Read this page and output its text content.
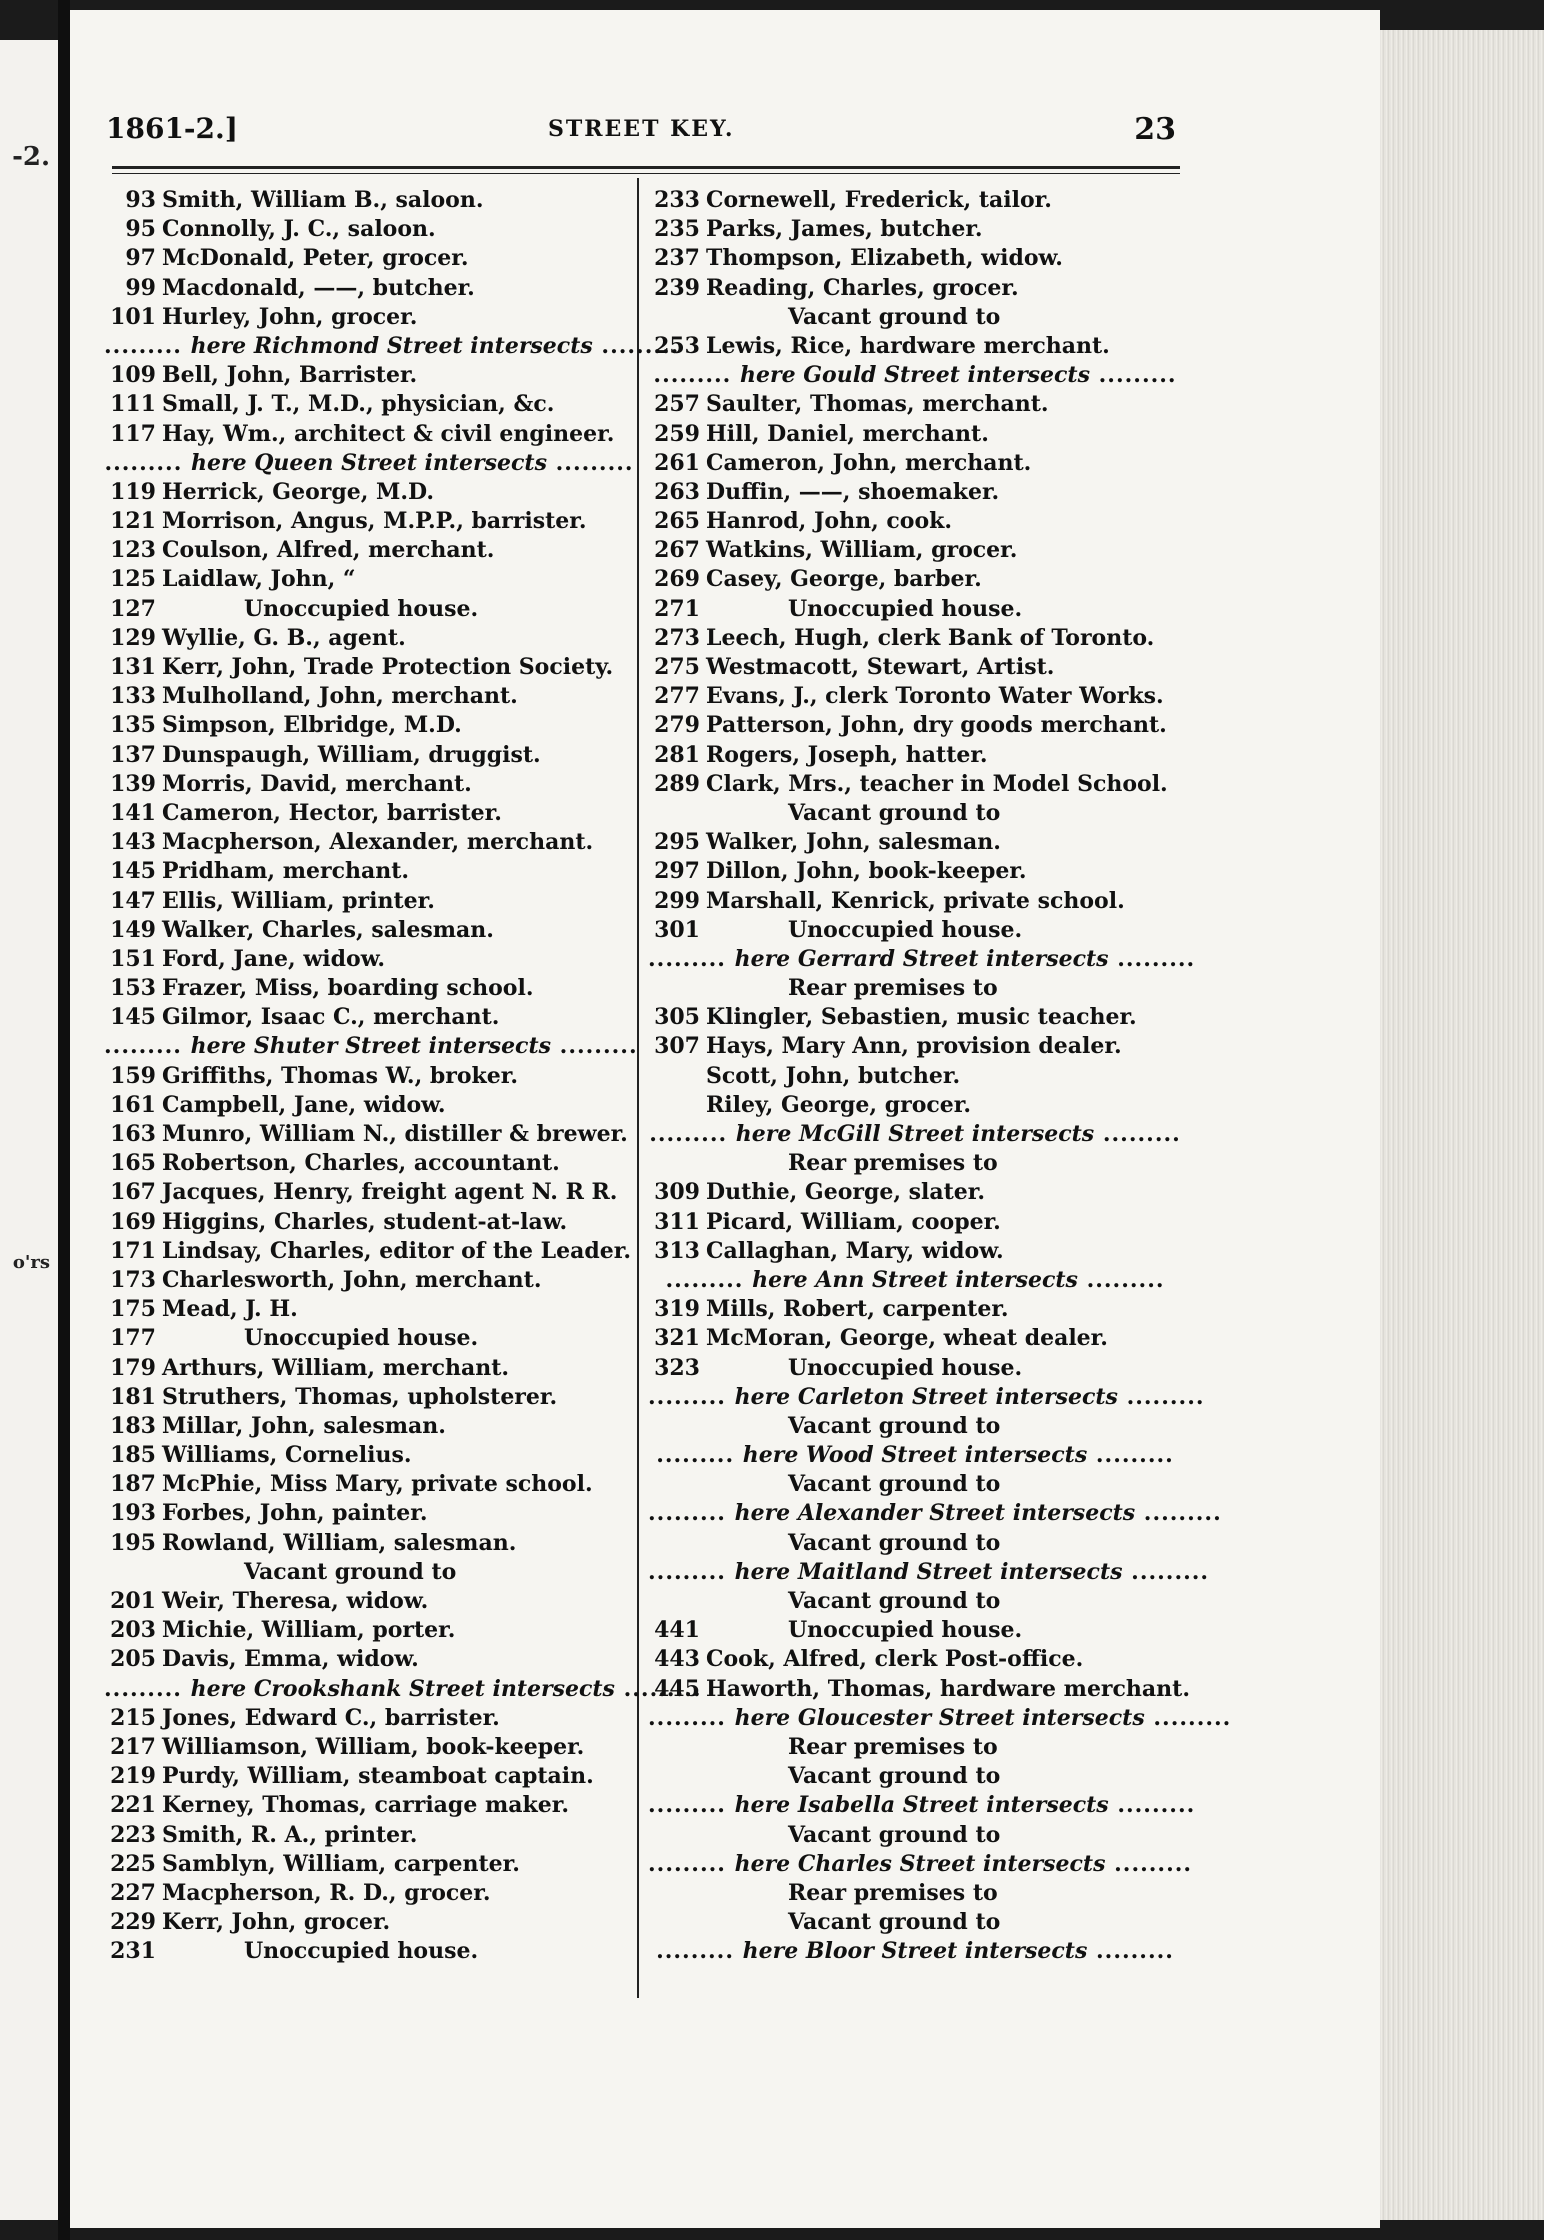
-2.
o'rs
1861-2.]	STREET KEY.	23
93 Smith, William B., saloon.
95 Connolly, J. C., saloon.
97 McDonald, Peter, grocer.
99 Macdonald, ——, butcher.
101 Hurley, John, grocer.
..... here Richmond Street intersects .....
109 Bell, John, Barrister.
111 Small, J. T., M.D., physician, &c.
117 Hay, Wm., architect & civil engineer.
..... here Queen Street intersects .....
119 Herrick, George, M.D.
121 Morrison, Angus, M.P.P., barrister.
123 Coulson, Alfred, merchant.
125 Laidlaw, John, “
127	Unoccupied house.
129 Wyllie, G. B., agent.
131 Kerr, John, Trade Protection Society.
133 Mulholland, John, merchant.
135 Simpson, Elbridge, M.D.
137 Dunspaugh, William, druggist.
139 Morris, David, merchant.
141 Cameron, Hector, barrister.
143 Macpherson, Alexander, merchant.
145 Pridham, merchant.
147 Ellis, William, printer.
149 Walker, Charles, salesman.
151 Ford, Jane, widow.
153 Frazer, Miss, boarding school.
145 Gilmor, Isaac C., merchant.
..... here Shuter Street intersects .....
159 Griffiths, Thomas W., broker.
161 Campbell, Jane, widow.
163 Munro, William N., distiller & brewer.
165 Robertson, Charles, accountant.
167 Jacques, Henry, freight agent N. R R.
169 Higgins, Charles, student-at-law.
171 Lindsay, Charles, editor of the Leader.
173 Charlesworth, John, merchant.
175 Mead, J. H.
177	Unoccupied house.
179 Arthurs, William, merchant.
181 Struthers, Thomas, upholsterer.
183 Millar, John, salesman.
185 Williams, Cornelius.
187 McPhie, Miss Mary, private school.
193 Forbes, John, painter.
195 Rowland, William, salesman.
Vacant ground to
201 Weir, Theresa, widow.
203 Michie, William, porter.
205 Davis, Emma, widow.
..... here Crookshank Street intersects .....
215 Jones, Edward C., barrister.
217 Williamson, William, book-keeper.
219 Purdy, William, steamboat captain.
221 Kerney, Thomas, carriage maker.
223 Smith, R. A., printer.
225 Samblyn, William, carpenter.
227 Macpherson, R. D., grocer.
229 Kerr, John, grocer.
231	Unoccupied house.
233 Cornewell, Frederick, tailor.
235 Parks, James, butcher.
237 Thompson, Elizabeth, widow.
239 Reading, Charles, grocer.
Vacant ground to
253 Lewis, Rice, hardware merchant.
..... here Gould Street intersects .....
257 Saulter, Thomas, merchant.
259 Hill, Daniel, merchant.
261 Cameron, John, merchant.
263 Duffin, ——, shoemaker.
265 Hanrod, John, cook.
267 Watkins, William, grocer.
269 Casey, George, barber.
271	Unoccupied house.
273 Leech, Hugh, clerk Bank of Toronto.
275 Westmacott, Stewart, Artist.
277 Evans, J., clerk Toronto Water Works.
279 Patterson, John, dry goods merchant.
281 Rogers, Joseph, hatter.
289 Clark, Mrs., teacher in Model School.
Vacant ground to
295 Walker, John, salesman.
297 Dillon, John, book-keeper.
299 Marshall, Kenrick, private school.
301	Unoccupied house.
..... here Gerrard Street intersects .....
Rear premises to
305 Klingler, Sebastien, music teacher.
307 Hays, Mary Ann, provision dealer.
Scott, John, butcher.
Riley, George, grocer.
..... here McGill Street intersects .....
Rear premises to
309 Duthie, George, slater.
311 Picard, William, cooper.
313 Callaghan, Mary, widow.
..... here Ann Street intersects .....
319 Mills, Robert, carpenter.
321 McMoran, George, wheat dealer.
323	Unoccupied house.
..... here Carleton Street intersects .....
Vacant ground to
..... here Wood Street intersects .....
Vacant ground to
..... here Alexander Street intersects .....
Vacant ground to
..... here Maitland Street intersects .....
Vacant ground to
441	Unoccupied house.
443 Cook, Alfred, clerk Post-office.
445 Haworth, Thomas, hardware merchant.
..... here Gloucester Street intersects .....
Rear premises to
Vacant ground to
..... here Isabella Street intersects .....
Vacant ground to
..... here Charles Street intersects .....
Rear premises to
Vacant ground to
..... here Bloor Street intersects .....
